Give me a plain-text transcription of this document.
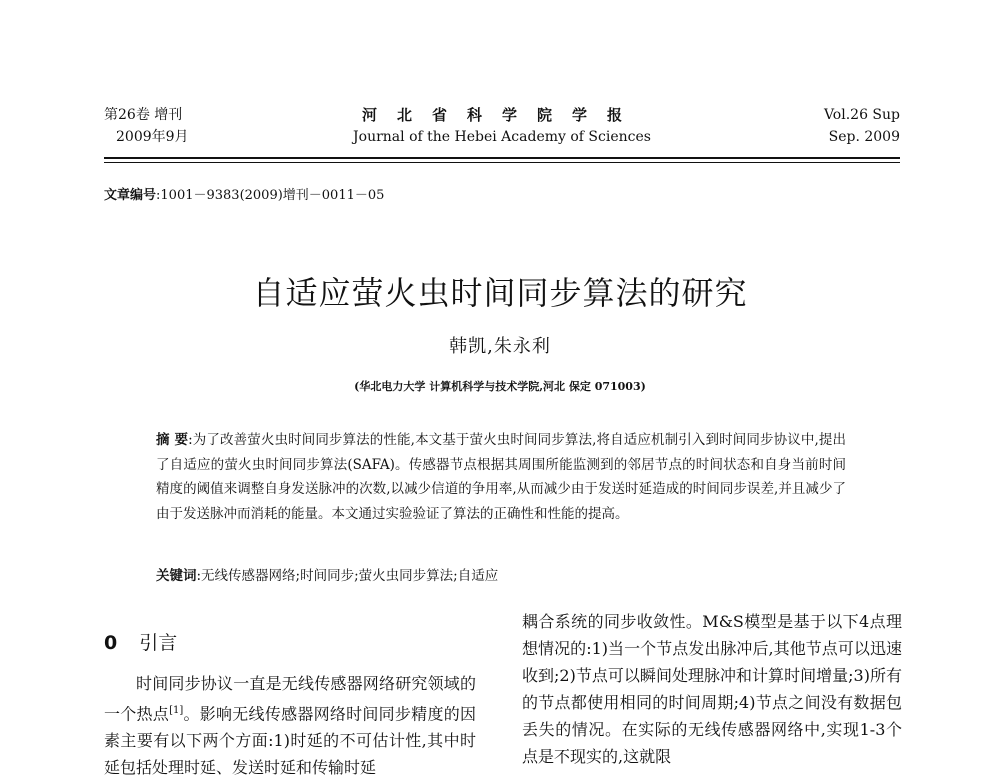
第26卷 增刊
2009年9月
河北省科学院学报
Journal of the Hebei Academy of Sciences
Vol.26 Sup
Sep. 2009
文章编号:1001－9383(2009)增刊－0011－05
自适应萤火虫时间同步算法的研究
韩凯,朱永利
(华北电力大学 计算机科学与技术学院,河北 保定 071003)
摘 要:为了改善萤火虫时间同步算法的性能,本文基于萤火虫时间同步算法,将自适应机制引入到时间同步协议中,提出了自适应的萤火虫时间同步算法(SAFA)。传感器节点根据其周围所能监测到的邻居节点的时间状态和自身当前时间精度的阈值来调整自身发送脉冲的次数,以减少信道的争用率,从而减少由于发送时延造成的时间同步误差,并且减少了由于发送脉冲而消耗的能量。本文通过实验验证了算法的正确性和性能的提高。
关键词:无线传感器网络;时间同步;萤火虫同步算法;自适应
0 引言
时间同步协议一直是无线传感器网络研究领域的一个热点[1]。影响无线传感器网络时间同步精度的因素主要有以下两个方面:1)时延的不可估计性,其中时延包括处理时延、发送时延和传输时延
耦合系统的同步收敛性。M&S模型是基于以下4点理想情况的:1)当一个节点发出脉冲后,其他节点可以迅速收到;2)节点可以瞬间处理脉冲和计算时间增量;3)所有的节点都使用相同的时间周期;4)节点之间没有数据包丢失的情况。在实际的无线传感器网络中,实现1-3个点是不现实的,这就限
